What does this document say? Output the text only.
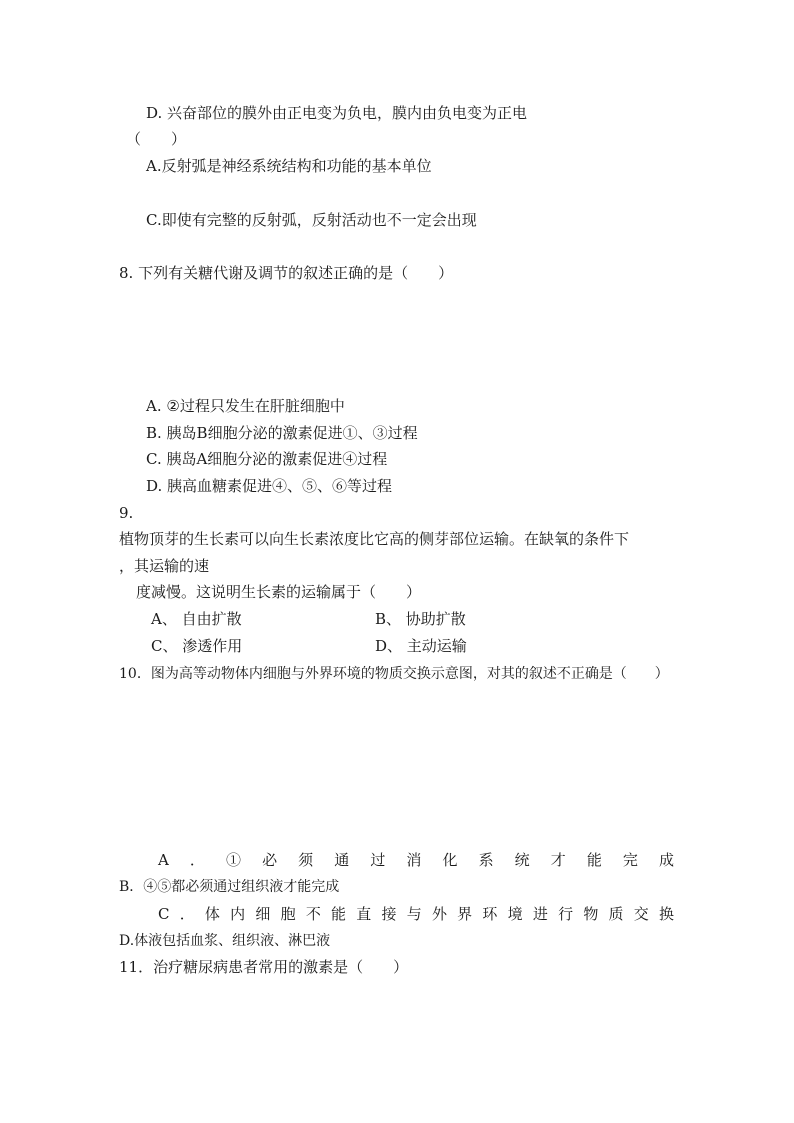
D. 兴奋部位的膜外由正电变为负电，膜内由负电变为正电
（　　）
A.反射弧是神经系统结构和功能的基本单位
C.即使有完整的反射弧，反射活动也不一定会出现
8. 下列有关糖代谢及调节的叙述正确的是（　　）
A. ②过程只发生在肝脏细胞中
B. 胰岛B细胞分泌的激素促进①、③过程
C. 胰岛A细胞分泌的激素促进④过程
D. 胰高血糖素促进④、⑤、⑥等过程
9.
植物顶芽的生长素可以向生长素浓度比它高的侧芽部位运输。在缺氧的条件下
，其运输的速
度减慢。这说明生长素的运输属于（　　）
A、 自由扩散	B、 协助扩散
C、 渗透作用	D、 主动运输
10．图为高等动物体内细胞与外界环境的物质交换示意图，对其的叙述不正确是（　　）
A．①必须通过消化系统才能完成
B．④⑤都必须通过组织液才能完成
C．体内细胞不能直接与外界环境进行物质交换
D.体液包括血浆、组织液、淋巴液
11．治疗糖尿病患者常用的激素是（　　）
